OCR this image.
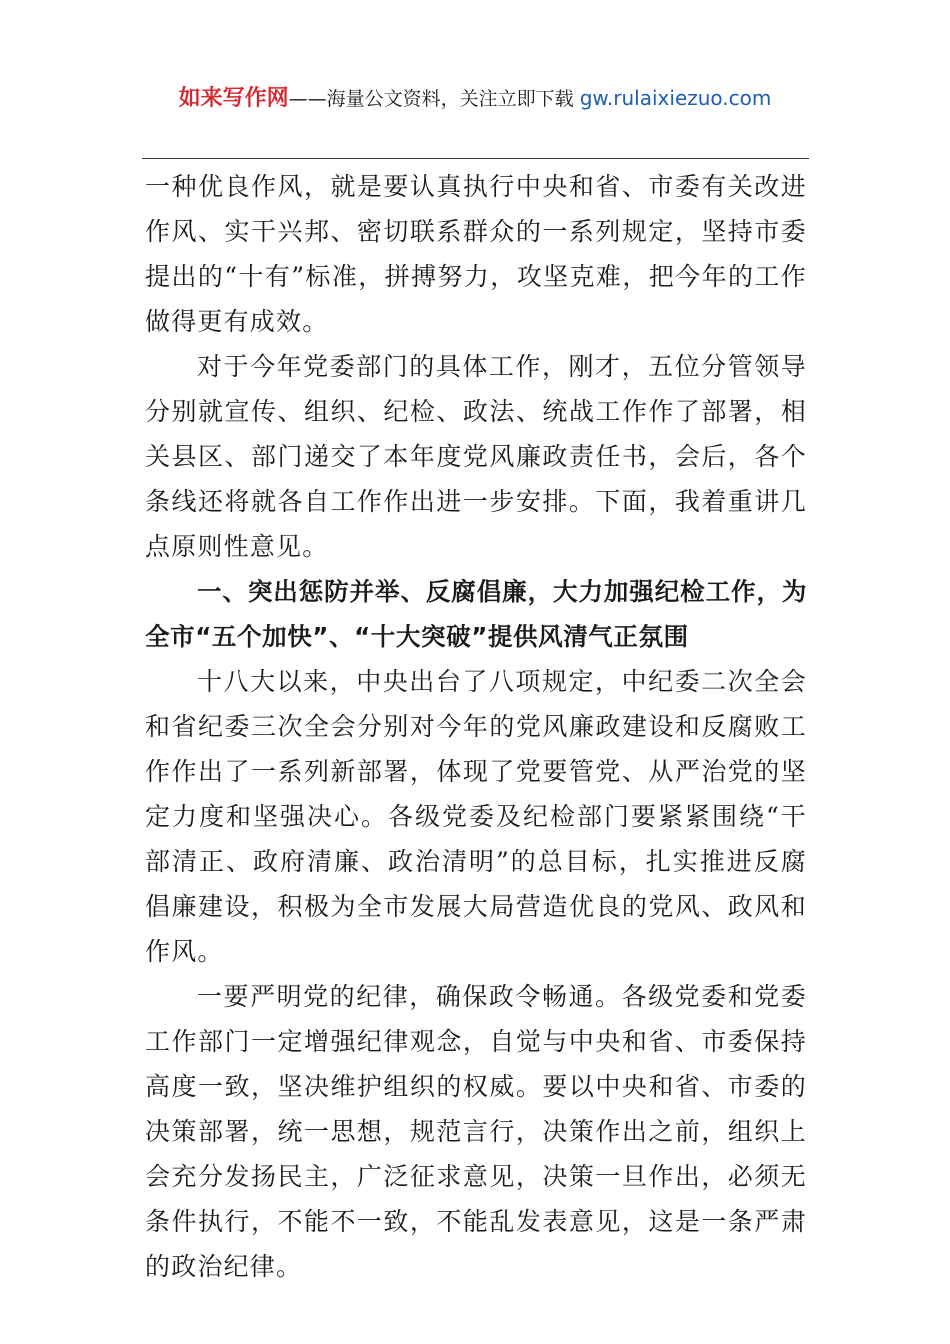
如来写作网——海量公文资料，关注立即下载 gw.rulaixiezuo.com

一种优良作风，就是要认真执行中央和省、市委有关改进作风、实干兴邦、密切联系群众的一系列规定，坚持市委提出的“十有”标准，拼搏努力，攻坚克难，把今年的工作做得更有成效。

对于今年党委部门的具体工作，刚才，五位分管领导分别就宣传、组织、纪检、政法、统战工作作了部署，相关县区、部门递交了本年度党风廉政责任书，会后，各个条线还将就各自工作作出进一步安排。下面，我着重讲几点原则性意见。

一、突出惩防并举、反腐倡廉，大力加强纪检工作，为全市“五个加快”、“十大突破”提供风清气正氛围

十八大以来，中央出台了八项规定，中纪委二次全会和省纪委三次全会分别对今年的党风廉政建设和反腐败工作作出了一系列新部署，体现了党要管党、从严治党的坚定力度和坚强决心。各级党委及纪检部门要紧紧围绕“干部清正、政府清廉、政治清明”的总目标，扎实推进反腐倡廉建设，积极为全市发展大局营造优良的党风、政风和作风。

一要严明党的纪律，确保政令畅通。各级党委和党委工作部门一定增强纪律观念，自觉与中央和省、市委保持高度一致，坚决维护组织的权威。要以中央和省、市委的决策部署，统一思想，规范言行，决策作出之前，组织上会充分发扬民主，广泛征求意见，决策一旦作出，必须无条件执行，不能不一致，不能乱发表意见，这是一条严肃的政治纪律。
